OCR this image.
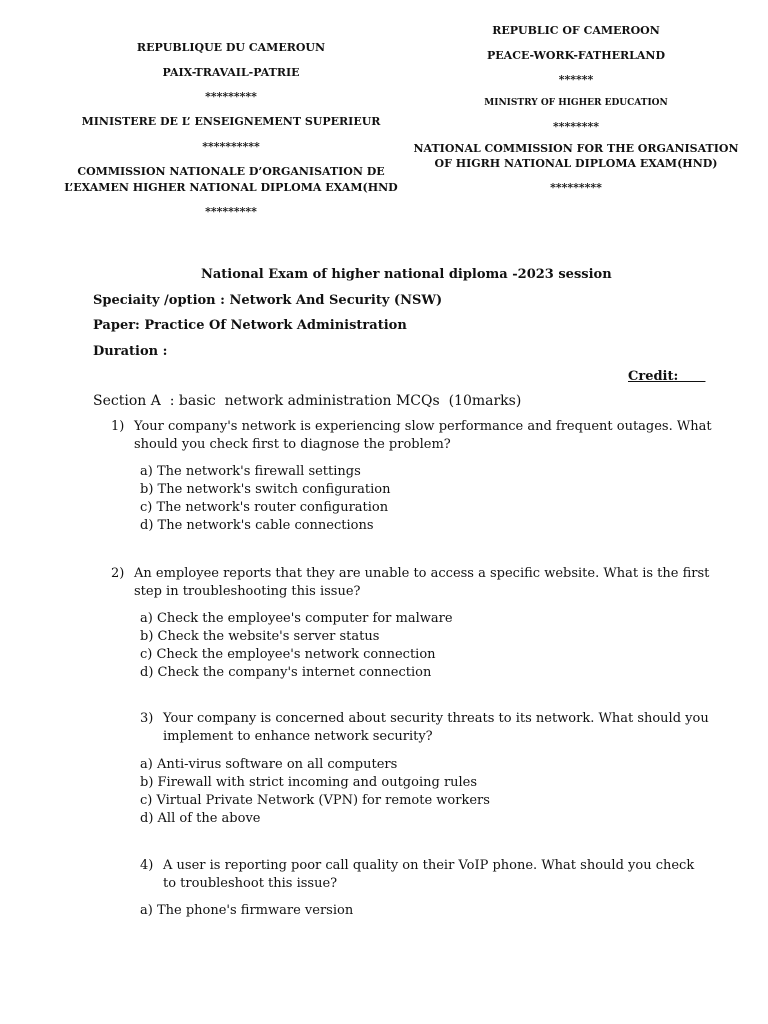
REPUBLIQUE DU CAMEROUN
PAIX-TRAVAIL-PATRIE
*********
MINISTERE DE L’ ENSEIGNEMENT SUPERIEUR
**********
COMMISSION NATIONALE D’ORGANISATION DE
L’EXAMEN HIGHER NATIONAL DIPLOMA EXAM(HND
*********
REPUBLIC OF CAMEROON
PEACE-WORK-FATHERLAND
******
MINISTRY OF HIGHER EDUCATION
********
NATIONAL COMMISSION FOR THE ORGANISATION
OF HIGRH NATIONAL DIPLOMA EXAM(HND)
*********
National Exam of higher national diploma -2023 session
Speciaity /option : Network And Security (NSW)
Paper: Practice Of Network Administration
Duration :
Credit:
Section A  : basic  network administration MCQs  (10marks)
1) Your company's network is experiencing slow performance and frequent outages. What
should you check first to diagnose the problem?
a) The network's firewall settings
b) The network's switch configuration
c) The network's router configuration
d) The network's cable connections
2) An employee reports that they are unable to access a specific website. What is the first
step in troubleshooting this issue?
a) Check the employee's computer for malware
b) Check the website's server status
c) Check the employee's network connection
d) Check the company's internet connection
3) Your company is concerned about security threats to its network. What should you
implement to enhance network security?
a) Anti-virus software on all computers
b) Firewall with strict incoming and outgoing rules
c) Virtual Private Network (VPN) for remote workers
d) All of the above
4) A user is reporting poor call quality on their VoIP phone. What should you check
to troubleshoot this issue?
a) The phone's firmware version
